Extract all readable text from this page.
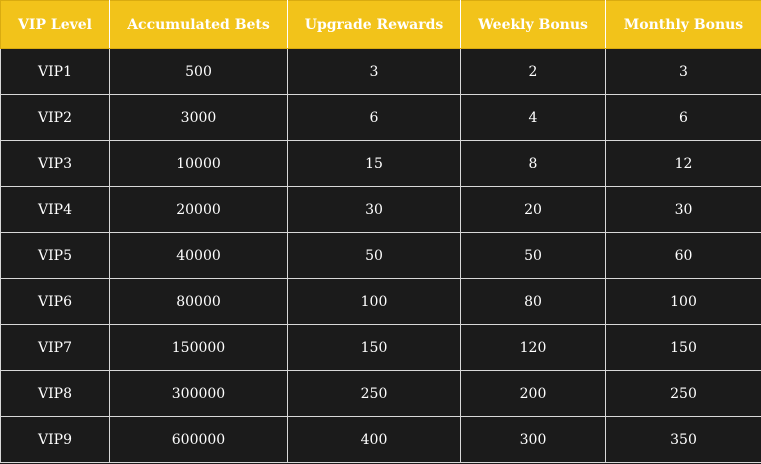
VIP Level	Accumulated Bets	Upgrade Rewards	Weekly Bonus	Monthly Bonus
VIP1	500	3	2	3
VIP2	3000	6	4	6
VIP3	10000	15	8	12
VIP4	20000	30	20	30
VIP5	40000	50	50	60
VIP6	80000	100	80	100
VIP7	150000	150	120	150
VIP8	300000	250	200	250
VIP9	600000	400	300	350
